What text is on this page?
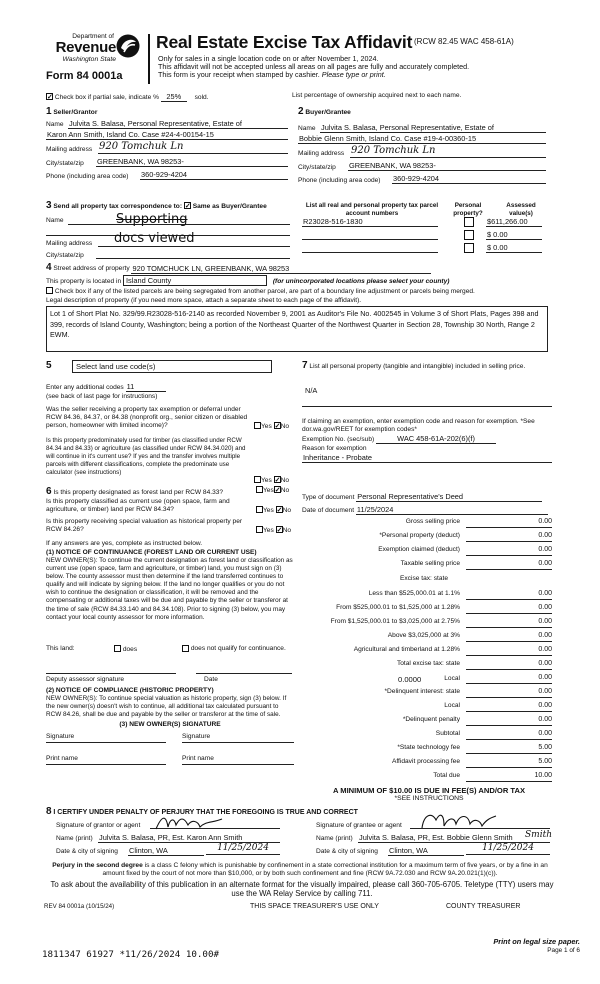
Department of
Revenue
Washington State
Form 84 0001a
Real Estate Excise Tax Affidavit (RCW 82.45 WAC 458-61A)
Only for sales in a single location code on or after November 1, 2024.
This affidavit will not be accepted unless all areas on all pages are fully and accurately completed.
This form is your receipt when stamped by cashier. Please type or print.
✓ Check box if partial sale, indicate % 25% sold.	List percentage of ownership acquired next to each name.
1 Seller/Grantor
Name Julvita S. Balasa, Personal Representative, Estate of
Karon Ann Smith, Island Co. Case #24-4-00154-15
Mailing address 920 Tomchuk Ln
City/state/zip GREENBANK, WA 98253-
Phone (including area code) 360-929-4204
2 Buyer/Grantee
Name Julvita S. Balasa, Personal Representative, Estate of
Bobbie Glenn Smith, Island Co. Case #19-4-00360-15
Mailing address 920 Tomchuk Ln
City/state/zip GREENBANK, WA 98253-
Phone (including area code) 360-929-4204
3 Send all property tax correspondence to: ✓ Same as Buyer/Grantee
Name	Supporting
Mailing address docs viewed
City/state/zip
List all real and personal property tax parcel account numbers
Personal property?
Assessed value(s)
R23028-516-1830	$611,266.00
$ 0.00
$ 0.00
4 Street address of property 920 TOMCHUCK LN, GREENBANK, WA 98253
This property is located in Island County	(for unincorporated locations please select your county)
Check box if any of the listed parcels are being segregated from another parcel, are part of a boundary line adjustment or parcels being merged.
Legal description of property (if you need more space, attach a separate sheet to each page of the affidavit).
Lot 1 of Short Plat No. 329/99.R23028-516-2140 as recorded November 9, 2001 as Auditor's File No. 4002545 in Volume 3 of Short Plats, Pages 398 and 399, records of Island County, Washington; being a portion of the Northeast Quarter of the Northwest Quarter in Section 28, Township 30 North, Range 2 EWM.
5	Select land use code(s)
Enter any additional codes 11
(see back of last page for instructions)
Was the seller receiving a property tax exemption or deferral under RCW 84.36, 84.37, or 84.38 (nonprofit org., senior citizen or disabled person, homeowner with limited income)?	Yes ✓ No
Is this property predominately used for timber (as classified under RCW 84.34 and 84.33) or agriculture (as classified under RCW 84.34.020) and will continue in it's current use? If yes and the transfer involves multiple parcels with different classifications, complete the predominate use calculator (see instructions)
Yes ✓ No
6 Is this property designated as forest land per RCW 84.33?	Yes ✓ No
Is this property classified as current use (open space, farm and agriculture, or timber) land per RCW 84.34?	Yes ✓ No
Is this property receiving special valuation as historical property per RCW 84.26?	Yes ✓ No
If any answers are yes, complete as instructed below.
(1) NOTICE OF CONTINUANCE (FOREST LAND OR CURRENT USE)
NEW OWNER(S): To continue the current designation as forest land or classification as current use (open space, farm and agriculture, or timber) land, you must sign on (3) below. The county assessor must then determine if the land transferred continues to qualify and will indicate by signing below. If the land no longer qualifies or you do not wish to continue the designation or classification, it will be removed and the compensating or additional taxes will be due and payable by the seller or transferor at the time of sale (RCW 84.33.140 and 84.34.108). Prior to signing (3) below, you may contact your local county assessor for more information.
This land:	does	does not qualify for continuance.
Deputy assessor signature	Date
(2) NOTICE OF COMPLIANCE (HISTORIC PROPERTY)
NEW OWNER(S): To continue special valuation as historic property, sign (3) below. If the new owner(s) doesn't wish to continue, all additional tax calculated pursuant to RCW 84.26, shall be due and payable by the seller or transferor at the time of sale.
(3) NEW OWNER(S) SIGNATURE
Signature	Signature
Print name	Print name
7 List all personal property (tangible and intangible) included in selling price.
N/A
If claiming an exemption, enter exemption code and reason for exemption. *See dor.wa.gov/REET for exemption codes*
Exemption No. (sec/sub)	WAC 458-61A-202(6)(f)
Reason for exemption
Inheritance - Probate
Type of document Personal Representative's Deed
Date of document 11/25/2024
Gross selling price	0.00
*Personal property (deduct)	0.00
Exemption claimed (deduct)	0.00
Taxable selling price	0.00
Excise tax: state
Less than $525,000.01 at 1.1%	0.00
From $525,000.01 to $1,525,000 at 1.28%	0.00
From $1,525,000.01 to $3,025,000 at 2.75%	0.00
Above $3,025,000 at 3%	0.00
Agricultural and timberland at 1.28%	0.00
Total excise tax: state	0.00
0.0000	Local	0.00
*Delinquent interest: state	0.00
Local	0.00
*Delinquent penalty	0.00
Subtotal	0.00
*State technology fee	5.00
Affidavit processing fee	5.00
Total due	10.00
A MINIMUM OF $10.00 IS DUE IN FEE(S) AND/OR TAX
*SEE INSTRUCTIONS
8 I CERTIFY UNDER PENALTY OF PERJURY THAT THE FOREGOING IS TRUE AND CORRECT
Signature of grantor or agent	Signature of grantee or agent
Name (print) Julvita S. Balasa, PR, Est. Karon Ann Smith	Name (print) Julvita S. Balasa, PR, Est. Bobbie Glenn Smith	Smith
Date & city of signing Clinton, WA	11/25/2024	Date & city of signing Clinton, WA	11/25/2024
Perjury in the second degree is a class C felony which is punishable by confinement in a state correctional institution for a maximum term of five years, or by a fine in an amount fixed by the court of not more than $10,000, or by both such confinement and fine (RCW 9A.72.030 and RCW 9A.20.021(1)(c)).
To ask about the availability of this publication in an alternate format for the visually impaired, please call 360-705-6705. Teletype (TTY) users may use the WA Relay Service by calling 711.
REV 84 0001a (10/15/24)	THIS SPACE TREASURER'S USE ONLY	COUNTY TREASURER
1811347 61927 *11/26/2024 10.00#
Print on legal size paper.
Page 1 of 6
